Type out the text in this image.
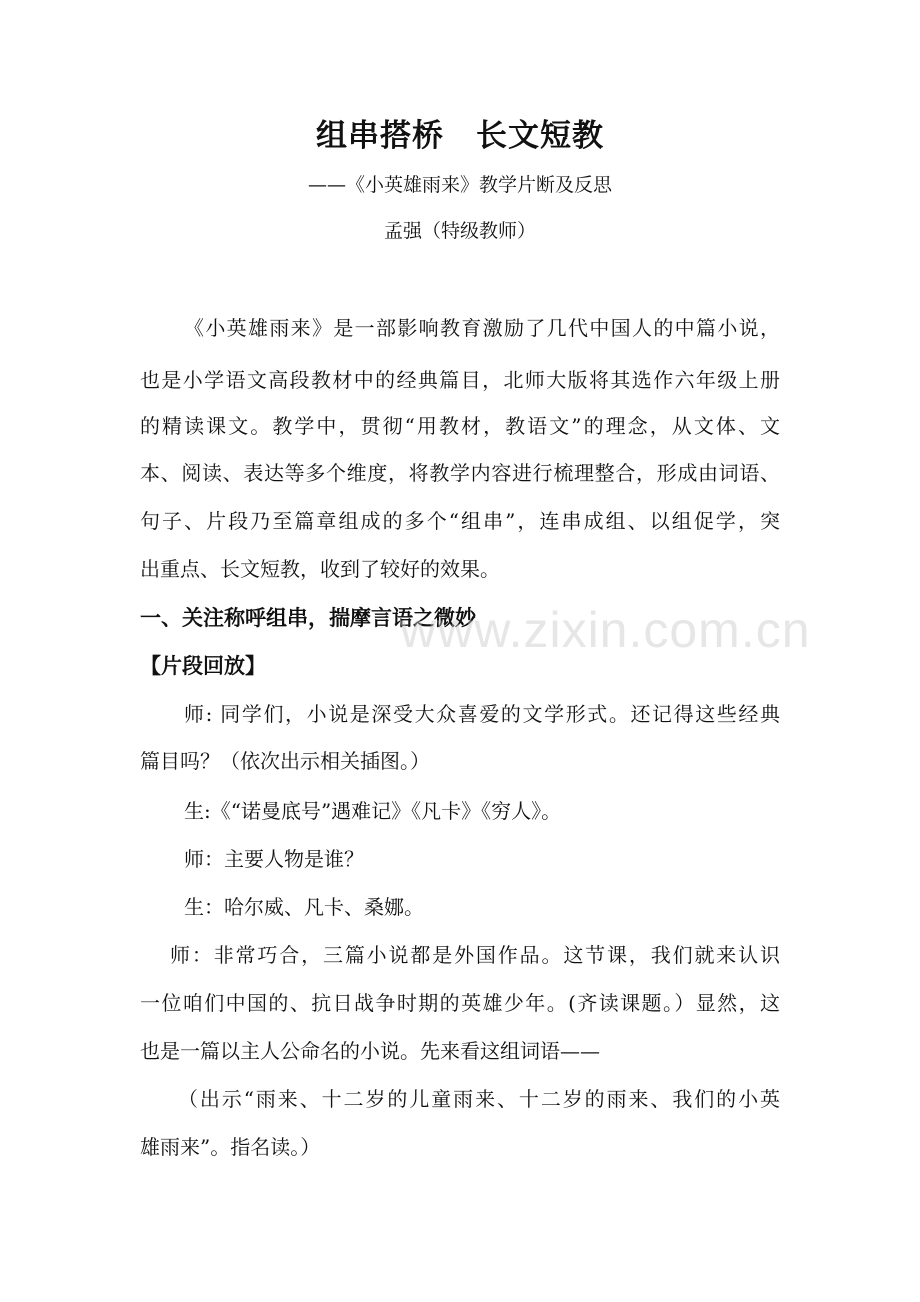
组串搭桥　长文短教
——《小英雄雨来》教学片断及反思
孟强（特级教师）
《小英雄雨来》是一部影响教育激励了几代中国人的中篇小说，
也是小学语文高段教材中的经典篇目，北师大版将其选作六年级上册
的精读课文。教学中，贯彻“用教材，教语文”的理念，从文体、文
本、阅读、表达等多个维度，将教学内容进行梳理整合，形成由词语、
句子、片段乃至篇章组成的多个“组串”，连串成组、以组促学，突
出重点、长文短教，收到了较好的效果。
一、关注称呼组串，揣摩言语之微妙
【片段回放】
师: 同学们，小说是深受大众喜爱的文学形式。还记得这些经典
篇目吗？（依次出示相关插图。）
生:《“诺曼底号”遇难记》《凡卡》《穷人》。
师：主要人物是谁？
生：哈尔威、凡卡、桑娜。
师：非常巧合，三篇小说都是外国作品。这节课，我们就来认识
一位咱们中国的、抗日战争时期的英雄少年。(齐读课题。）显然，这
也是一篇以主人公命名的小说。先来看这组词语——
（出示“雨来、十二岁的儿童雨来、十二岁的雨来、我们的小英
雄雨来”。指名读。）
www.zixin.com.cn
